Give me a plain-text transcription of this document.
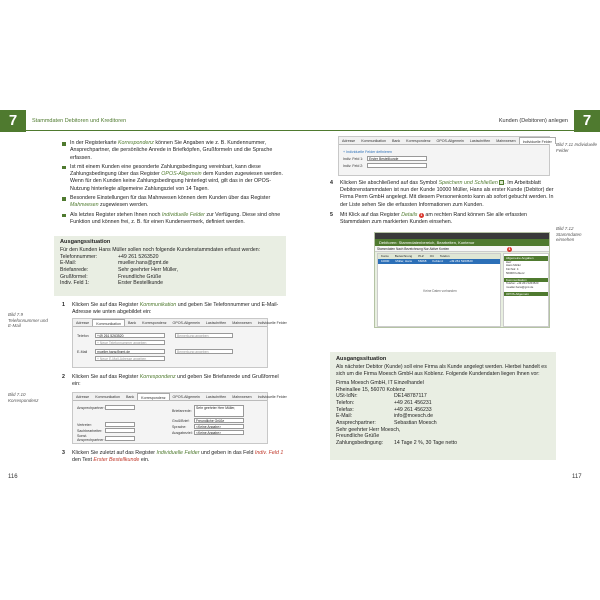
7	Stammdaten Debitoren und Kreditoren	7
Kunden (Debitoren) anlegen
In der Registerkarte Korrespondenz können Sie Angaben wie z. B. Kundennummer, Ansprechpartner, die persönliche Anrede in Briefköpfen, Grußformeln und die Sprache erfassen.
Ist mit einem Kunden eine gesonderte Zahlungsbedingung vereinbart, kann diese Zahlungsbedingung über das Register OPOS-Allgemein dem Kunden zugewiesen werden. Wenn für den Kunden keine Zahlungsbedingung hinterlegt wird, gilt das in der OPOS-Nutzung hinterlegte allgemeine Zahlungsziel von 14 Tagen.
Besondere Einstellungen für das Mahnwesen können dem Kunden über das Register Mahnwesen zugewiesen werden.
Als letztes Register stehen Ihnen noch Individuelle Felder zur Verfügung. Diese sind ohne Funktion und können frei, z. B. für einen Kundenvermerk, definiert werden.
Ausgangssituation
Für den Kunden Hans Müller sollen noch folgende Kundenstammdaten erfasst werden:
Telefonnummer:	+49 261 5263520
E-Mail:	mueller.hans@gmt.de
Briefanrede:	Sehr geehrter Herr Müller,
Grußformel:	Freundliche Grüße
Indiv. Feld 1:	Erster Bestellkunde
1 Klicken Sie auf das Register Kommunikation und geben Sie Telefonnummer und E-Mail-Adresse wie unten abgebildet ein:
Bild 7.9 Telefonnummer und E-Mail
Adresse	Kommunikation	Bank	Korrespondenz	OPOS-Allgemein	Lastschriften	Mahnwesen	Individuelle Felder
Telefon	+49 261 5263520	Bemerkung angeben
+ Neue Telefonnummer angeben
E-Mail	mueller.hans@gmt.de	Bemerkung angeben
+ Neue E-Mail-Adresse angeben
2 Klicken Sie auf das Register Korrespondenz und geben Sie Briefanrede und Grußformel ein:
Bild 7.10 Korrespondenz
Adresse	Kommunikation	Bank	Korrespondenz	OPOS-Allgemein	Lastschriften	Mahnwesen	Individuelle Felder
Ansprechpartner:
Vertreter:
Sachbearbeiter:
Sonst. Ansprechpartner:
Briefanrede:
Sehr geehrter Herr Müller,
Gruß/Brief:	Freundliche Grüße
Sprache:	<Keine Angabe>
Ausgabeziel:	<Keine Angabe>
3 Klicken Sie zuletzt auf das Register Individuelle Felder und geben in das Feld Indiv. Feld 1 den Text Erster Bestellkunde ein.
116
Adresse	Kommunikation	Bank	Korrespondenz	OPOS-Allgemein	Lastschriften	Mahnwesen	Individuelle Felder
+ Individuelle Felder definieren
Indiv. Feld 1:	Erster Bestellkunde
Indiv. Feld 2:
Bild 7.11 Individuelle Felder
4 Klicken Sie abschließend auf das Symbol Speichern und Schließen . Im Arbeitsblatt Debitorenstammdaten ist nun der Kunde 10000 Müller, Hans als erster Kunde (Debitor) der Firma Perm GmbH angelegt. Mit diesem Personenkonto kann ab sofort gebucht werden. In der Liste sehen Sie die erfassten Informationen zum Kunden.
5 Mit Klick auf das Register Details 1 am rechten Rand können Sie alle erfassten Stammdaten zum markierten Kunden einsehen.
Bild 7.12 Stammdaten einsehen
Debitoren: Stammdatenbereich, Bearbeiten, Kontenor
Stammdaten Nach Bezeichnung Nur Aktive Konten
Konto	Bezeichnung	PLZ	Ort	Telefon
10000	Müller, Hans	56068	Koblenz	+49 261 5263520
Keine Daten vorhanden
Allgemeine Angaben
Herr
Hans Müller
Kirchstr. 4
56068 Koblenz
Kommunikation
Telefon: +49 261 5263520
mueller.hans@gmt.de
OPOS-Allgemein
1
Ausgangssituation
Als nächster Debitor (Kunde) soll eine Firma als Kunde angelegt werden. Hierbei handelt es sich um die Firma Moesch GmbH aus Koblenz. Folgende Kundendaten liegen Ihnen vor:
Firma Moesch GmbH, IT Einzelhandel
Rheinallee 15, 56070 Koblenz
USt-IdNr:	DE148787117
Telefon:	+49 261 456231
Telefax:	+49 261 456233
E-Mail:	info@moesch.de
Ansprechpartner:	Sebastian Moesch
Sehr geehrter Herr Moesch,
Freundliche Grüße
Zahlungsbedingung:	14 Tage 2 %, 30 Tage netto
117
